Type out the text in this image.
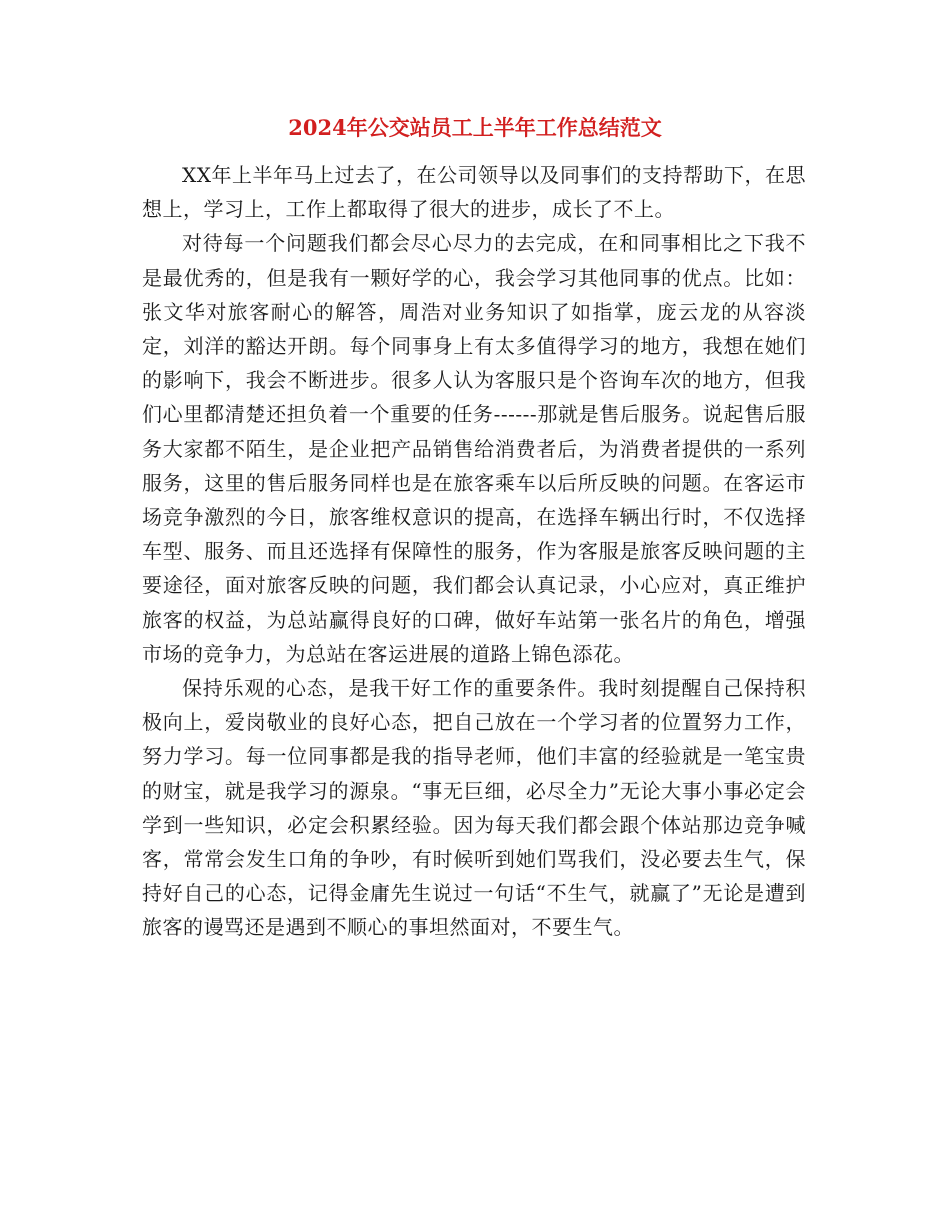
2024年公交站员工上半年工作总结范文

XX年上半年马上过去了，在公司领导以及同事们的支持帮助下，在思想上，学习上，工作上都取得了很大的进步，成长了不上。

对待每一个问题我们都会尽心尽力的去完成，在和同事相比之下我不是最优秀的，但是我有一颗好学的心，我会学习其他同事的优点。比如：张文华对旅客耐心的解答，周浩对业务知识了如指掌，庞云龙的从容淡定，刘洋的豁达开朗。每个同事身上有太多值得学习的地方，我想在她们的影响下，我会不断进步。很多人认为客服只是个咨询车次的地方，但我们心里都清楚还担负着一个重要的任务------那就是售后服务。说起售后服务大家都不陌生，是企业把产品销售给消费者后，为消费者提供的一系列服务，这里的售后服务同样也是在旅客乘车以后所反映的问题。在客运市场竞争激烈的今日，旅客维权意识的提高，在选择车辆出行时，不仅选择车型、服务、而且还选择有保障性的服务，作为客服是旅客反映问题的主要途径，面对旅客反映的问题，我们都会认真记录，小心应对，真正维护旅客的权益，为总站赢得良好的口碑，做好车站第一张名片的角色，增强市场的竞争力，为总站在客运进展的道路上锦色添花。

保持乐观的心态，是我干好工作的重要条件。我时刻提醒自己保持积极向上，爱岗敬业的良好心态，把自己放在一个学习者的位置努力工作，努力学习。每一位同事都是我的指导老师，他们丰富的经验就是一笔宝贵的财宝，就是我学习的源泉。“事无巨细，必尽全力”无论大事小事必定会学到一些知识，必定会积累经验。因为每天我们都会跟个体站那边竞争喊客，常常会发生口角的争吵，有时候听到她们骂我们，没必要去生气，保持好自己的心态，记得金庸先生说过一句话“不生气，就赢了”无论是遭到旅客的谩骂还是遇到不顺心的事坦然面对，不要生气。
